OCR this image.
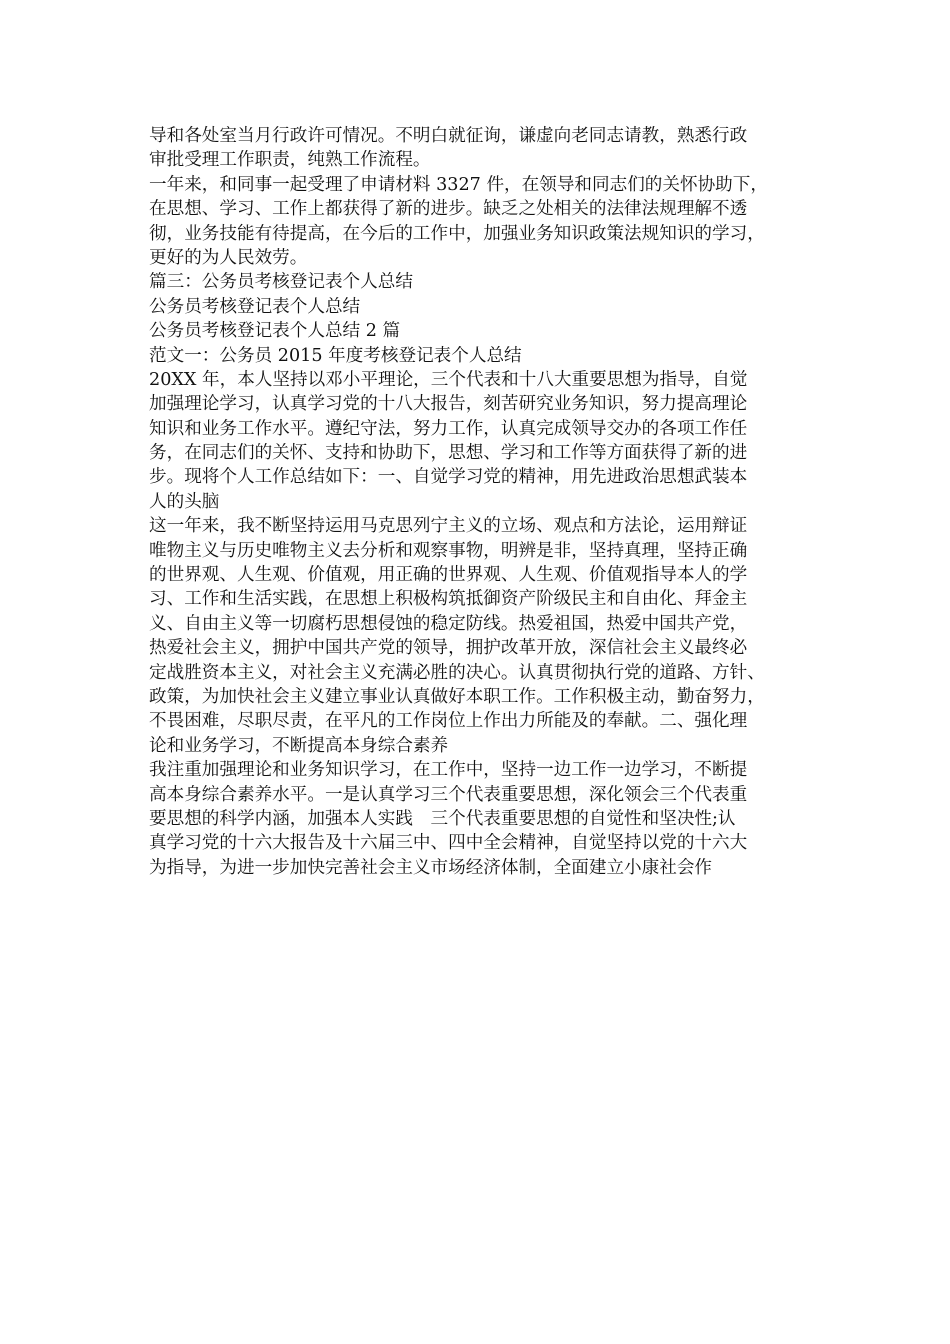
导和各处室当月行政许可情况。不明白就征询，谦虚向老同志请教，熟悉行政
审批受理工作职责，纯熟工作流程。
一年来，和同事一起受理了申请材料 3327 件，在领导和同志们的关怀协助下，
在思想、学习、工作上都获得了新的进步。缺乏之处相关的法律法规理解不透
彻，业务技能有待提高，在今后的工作中，加强业务知识政策法规知识的学习，
更好的为人民效劳。
篇三：公务员考核登记表个人总结
公务员考核登记表个人总结
公务员考核登记表个人总结 2 篇
范文一：公务员 2015 年度考核登记表个人总结
20XX 年，本人坚持以邓小平理论，三个代表和十八大重要思想为指导，自觉
加强理论学习，认真学习党的十八大报告，刻苦研究业务知识，努力提高理论
知识和业务工作水平。遵纪守法，努力工作，认真完成领导交办的各项工作任
务，在同志们的关怀、支持和协助下，思想、学习和工作等方面获得了新的进
步。现将个人工作总结如下：一、自觉学习党的精神，用先进政治思想武装本
人的头脑
这一年来，我不断坚持运用马克思列宁主义的立场、观点和方法论，运用辩证
唯物主义与历史唯物主义去分析和观察事物，明辨是非，坚持真理，坚持正确
的世界观、人生观、价值观，用正确的世界观、人生观、价值观指导本人的学
习、工作和生活实践，在思想上积极构筑抵御资产阶级民主和自由化、拜金主
义、自由主义等一切腐朽思想侵蚀的稳定防线。热爱祖国，热爱中国共产党，
热爱社会主义，拥护中国共产党的领导，拥护改革开放，深信社会主义最终必
定战胜资本主义，对社会主义充满必胜的决心。认真贯彻执行党的道路、方针、
政策，为加快社会主义建立事业认真做好本职工作。工作积极主动，勤奋努力，
不畏困难，尽职尽责，在平凡的工作岗位上作出力所能及的奉献。二、强化理
论和业务学习，不断提高本身综合素养
我注重加强理论和业务知识学习，在工作中，坚持一边工作一边学习，不断提
高本身综合素养水平。一是认真学习三个代表重要思想，深化领会三个代表重
要思想的科学内涵，加强本人实践　三个代表重要思想的自觉性和坚决性;认
真学习党的十六大报告及十六届三中、四中全会精神，自觉坚持以党的十六大
为指导，为进一步加快完善社会主义市场经济体制，全面建立小康社会作
